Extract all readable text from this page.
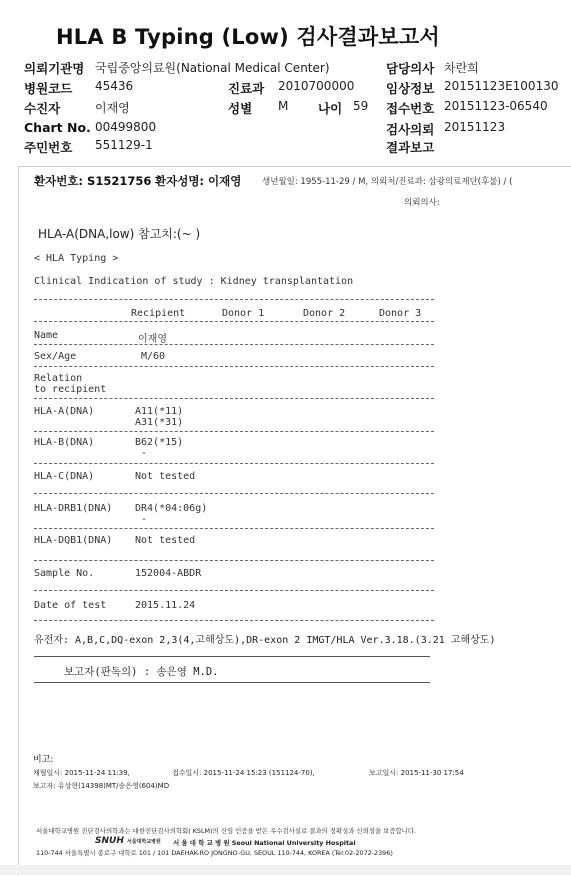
HLA B Typing (Low) 검사결과보고서
의뢰기관명 국립중앙의료원(National Medical Center)	담당의사 차란희
병원코드 45436	진료과 2010700000	임상정보 20151123E100130
수진자	이재영	성별 M 나이 59 접수번호 20151123-06540
Chart No. 00499800	검사의뢰 20151123
주민번호 551129-1	결과보고
환자번호: S1521756 환자성명: 이재영 생년월일: 1955-11-29 / M, 의뢰처/진료과: 삼광의료재단(후불) / (
의뢰의사:
HLA-A(DNA,low) 참고치:(~ )
< HLA Typing >
Clinical Indication of study : Kidney transplantation
Recipient	Donor 1	Donor 2	Donor 3
Name	이재영
Sex/Age	M/60
Relation
to recipient
HLA-A(DNA)	A11(*11)
A31(*31)
HLA-B(DNA)	B62(*15)
-
HLA-C(DNA)	Not tested
HLA-DRB1(DNA) DR4(*04:06g)
-
HLA-DQB1(DNA) Not tested
Sample No.	152004-ABDR
Date of test	2015.11.24
유전자: A,B,C,DQ-exon 2,3(4,고해상도),DR-exon 2 IMGT/HLA Ver.3.18.(3.21 고해상도)
보고자(판독의) : 송은영 M.D.
비고:
채혈일시: 2015-11-24 11:39,	접수일시: 2015-11-24 15:23 (151124-70),	보고일시: 2015-11-30 17:54
보고자: 유상현(14398)MT/송은영(604)MD
서울대학교병원 진단검사의학과는 대한진단검사의학회( KSLM)의 신임 인증을 받은 우수검사실로 결과의 정확성과 신뢰성을 보증합니다.
SNUH 서울대학교병원 서 울 대 학 교 병 원 Seoul National University Hospital
110-744 서울특별시 종로구 대학로 101 / 101 DAEHAK-RO JONGNO-GU, SEOUL 110-744, KOREA (Tel:02-2072-2396)
